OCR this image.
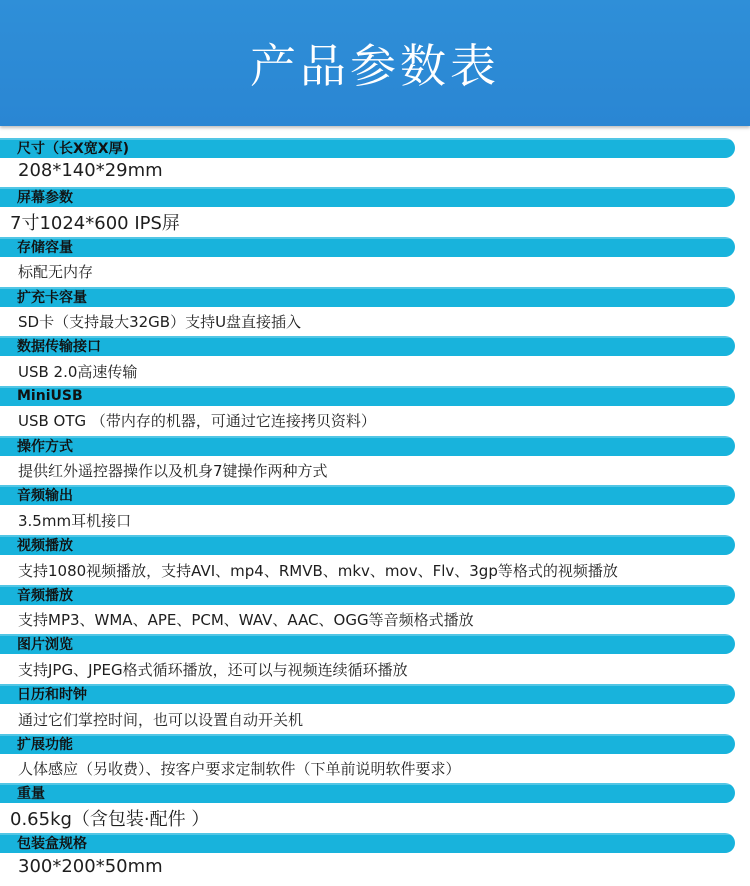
产品参数表
尺寸（长X宽X厚)
208*140*29mm
屏幕参数
7寸1024*600 IPS屏
存储容量
标配无内存
扩充卡容量
SD卡（支持最大32GB）支持U盘直接插入
数据传输接口
USB 2.0高速传输
MiniUSB
USB OTG （带内存的机器，可通过它连接拷贝资料）
操作方式
提供红外遥控器操作以及机身7键操作两种方式
音频输出
3.5mm耳机接口
视频播放
支持1080视频播放，支持AVI、mp4、RMVB、mkv、mov、Flv、3gp等格式的视频播放
音频播放
支持MP3、WMA、APE、PCM、WAV、AAC、OGG等音频格式播放
图片浏览
支持JPG、JPEG格式循环播放，还可以与视频连续循环播放
日历和时钟
通过它们掌控时间，也可以设置自动开关机
扩展功能
人体感应（另收费）、按客户要求定制软件（下单前说明软件要求）
重量
0.65kg（含包装·配件 ）
包装盒规格
300*200*50mm
